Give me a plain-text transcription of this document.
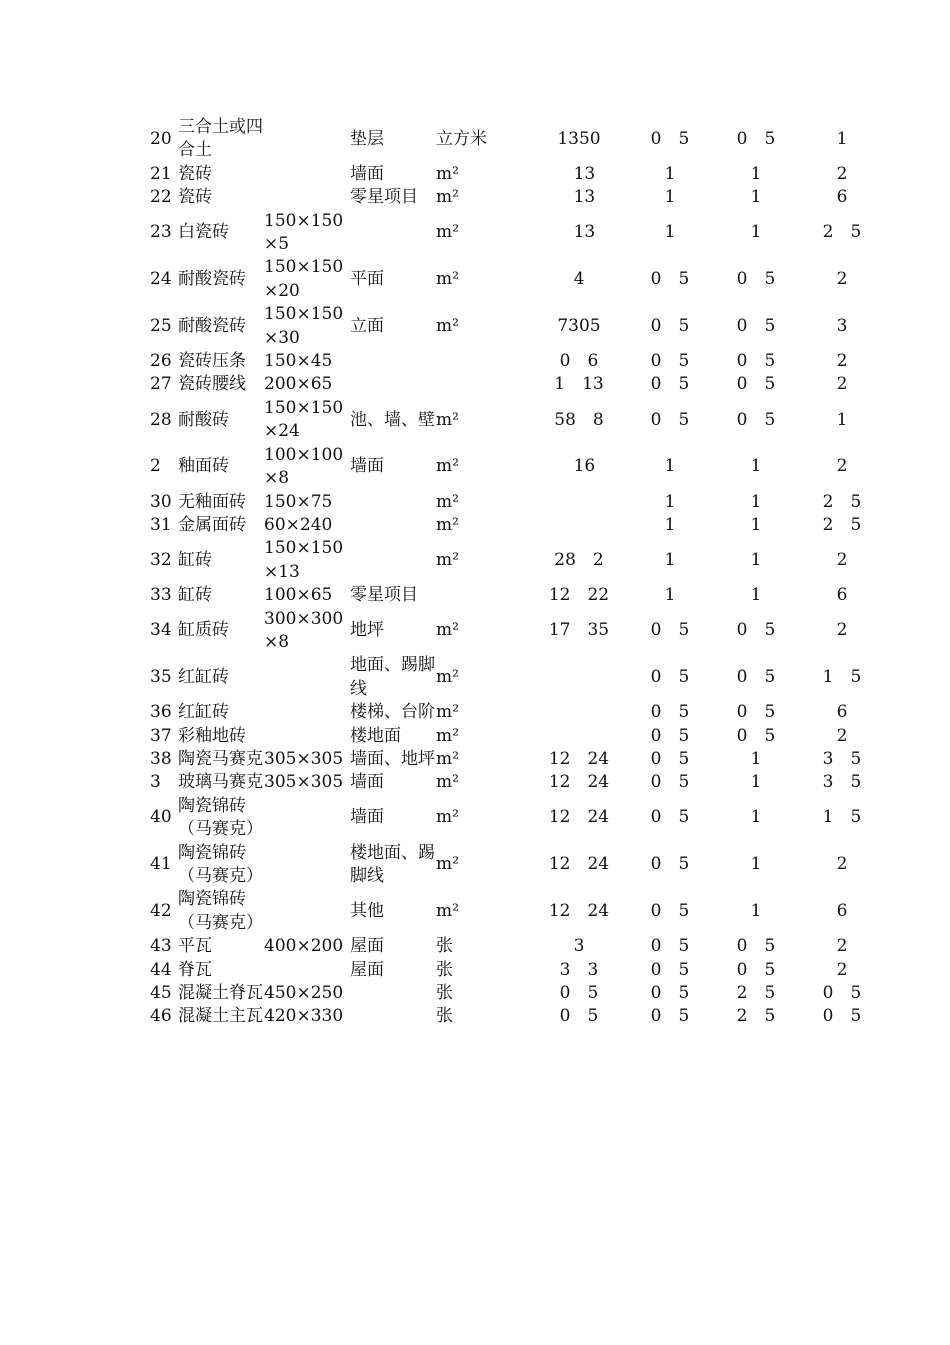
20	三合土或四合土		垫层	立方米	1350	0　5	0　5	1
21	瓷砖		墙面	m²	13	1	1	2
22	瓷砖		零星项目	m²	13	1	1	6
23	白瓷砖	150×150×5		m²	13	1	1	2　5
24	耐酸瓷砖	150×150×20	平面	m²	4	0　5	0　5	2
25	耐酸瓷砖	150×150×30	立面	m²	7305	0　5	0　5	3
26	瓷砖压条	150×45			0　6	0　5	0　5	2
27	瓷砖腰线	200×65			1　13	0　5	0　5	2
28	耐酸砖	150×150×24	池、墙、壁	m²	58　8	0　5	0　5	1
2	釉面砖	100×100×8	墙面	m²	16	1	1	2
30	无釉面砖	150×75		m²		1	1	2　5
31	金属面砖	60×240		m²		1	1	2　5
32	缸砖	150×150×13		m²	28　2	1	1	2
33	缸砖	100×65	零星项目		12　22	1	1	6
34	缸质砖	300×300×8	地坪	m²	17　35	0　5	0　5	2
35	红缸砖		地面、踢脚线	m²		0　5	0　5	1　5
36	红缸砖		楼梯、台阶	m²		0　5	0　5	6
37	彩釉地砖		楼地面	m²		0　5	0　5	2
38	陶瓷马赛克	305×305	墙面、地坪	m²	12　24	0　5	1	3　5
3	玻璃马赛克	305×305	墙面	m²	12　24	0　5	1	3　5
40	陶瓷锦砖（马赛克）		墙面	m²	12　24	0　5	1	1　5
41	陶瓷锦砖（马赛克）		楼地面、踢脚线	m²	12　24	0　5	1	2
42	陶瓷锦砖（马赛克）		其他	m²	12　24	0　5	1	6
43	平瓦	400×200	屋面	张	3	0　5	0　5	2
44	脊瓦		屋面	张	3　3	0　5	0　5	2
45	混凝土脊瓦	450×250		张	0　5	0　5	2　5	0　5
46	混凝土主瓦	420×330		张	0　5	0　5	2　5	0　5
